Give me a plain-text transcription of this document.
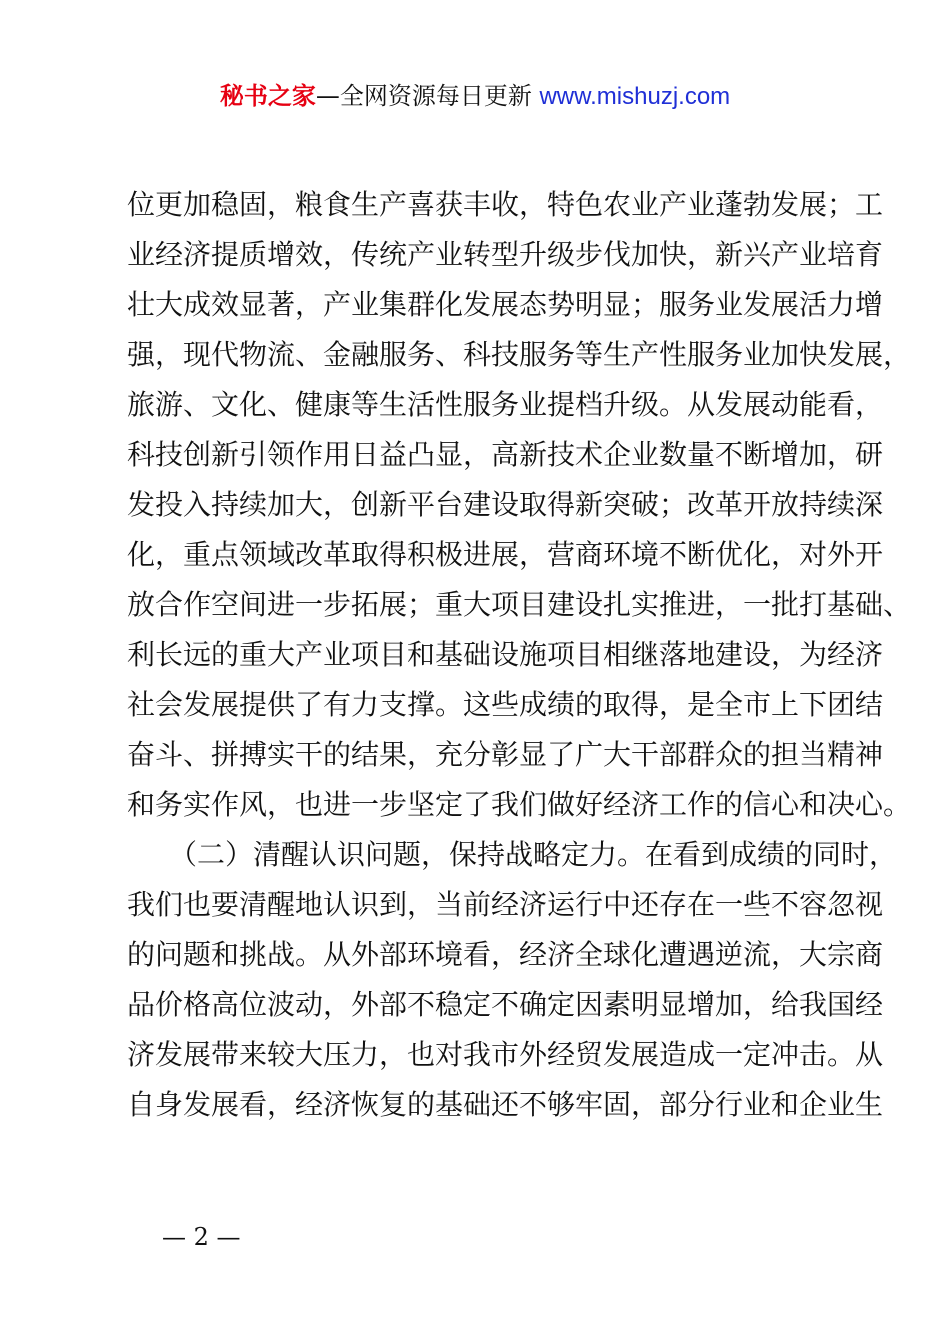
秘书之家—全网资源每日更新 www.mishuzj.com
位更加稳固，粮食生产喜获丰收，特色农业产业蓬勃发展；工
业经济提质增效，传统产业转型升级步伐加快，新兴产业培育
壮大成效显著，产业集群化发展态势明显；服务业发展活力增
强，现代物流、金融服务、科技服务等生产性服务业加快发展，
旅游、文化、健康等生活性服务业提档升级。从发展动能看，
科技创新引领作用日益凸显，高新技术企业数量不断增加，研
发投入持续加大，创新平台建设取得新突破；改革开放持续深
化，重点领域改革取得积极进展，营商环境不断优化，对外开
放合作空间进一步拓展；重大项目建设扎实推进，一批打基础、
利长远的重大产业项目和基础设施项目相继落地建设，为经济
社会发展提供了有力支撑。这些成绩的取得，是全市上下团结
奋斗、拼搏实干的结果，充分彰显了广大干部群众的担当精神
和务实作风，也进一步坚定了我们做好经济工作的信心和决心。
（二）清醒认识问题，保持战略定力。在看到成绩的同时，
我们也要清醒地认识到，当前经济运行中还存在一些不容忽视
的问题和挑战。从外部环境看，经济全球化遭遇逆流，大宗商
品价格高位波动，外部不稳定不确定因素明显增加，给我国经
济发展带来较大压力，也对我市外经贸发展造成一定冲击。从
自身发展看，经济恢复的基础还不够牢固，部分行业和企业生
— 2 —
